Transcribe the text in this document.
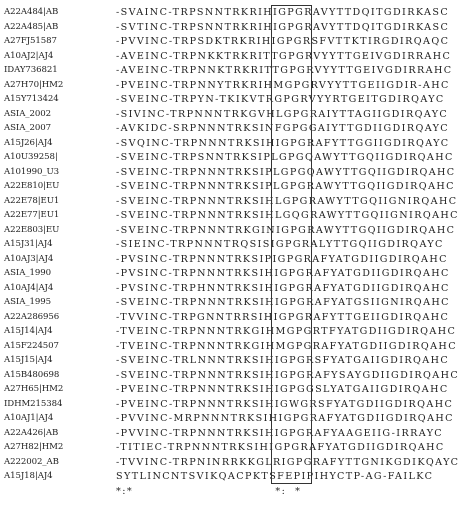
A22A484|AB	-SVAINC-TRPSNNTRKRIHIGPGRAVYTTDQITGDIRKASC
A22A485|AB	-SVTINC-TRPSNNTRKRIHIGPGRAVYTTDQITGDIRKASC
A27FJ51587	-PVVINC-TRPSDKTRKRIHIGPGRSFVTTKTIRGDIRQAQC
A10AJ2|AJ4	-AVEINC-TRPNKKTRKRITTGPGRVYYTTGEIVGDIRRAHC
IDAY736821	-AVEINC-TRPNNKTRKRITTGPGRVYYTTGEIVGDIRRAHC
A27H70|HM2	-PVEINC-TRPNNYTRKRIHMGPGRVYYTTGEIIGDIR-AHC
A15Y713424	-SVEINC-TRPYN-TKIKVTRGPGRVYYRTGEITGDIRQAYC
ASIA_2002	-SIVINC-TRPNNNTRKGVHLGPGRAIYTTAGIIGDIRQAYC
ASIA_2007	-AVKIDC-SRPNNNTRKSINFGPGGAIYTTGDIIGDIRQAYC
A15J26|AJ4	-SVQINC-TRPNNNTRKSIHIGPGRAFYTTGGIIGDIRQAYC
A10U39258|	-SVEINC-TRPSNNTRKSIPLGPGQAWYTTGQIIGDIRQAHC
A101990_U3	-SVEINC-TRPNNNTRKSIPLGPGQAWYTTGQIIGDIRQAHC
A22E810|EU	-SVEINC-TRPNNNTRKSIPLGPGRAWYTTGQIIGDIRQAHC
A22E78|EU1	-SVEINC-TRPNNNTRKSIHLGPGRAWYTTGQIIGNIRQAHC
A22E77|EU1	-SVEINC-TRPNNNTRKSIHLGQGRAWYTTGQIIGNIRQAHC
A22E803|EU	-SVEINC-TRPNNNTRKGINIGPGRAWYTTGQIIGDIRQAHC
A15J31|AJ4	-SIEINC-TRPNNNTRQSISIGPGRALYTTGQIIGDIRQAYC
A10AJ3|AJ4	-PVSINC-TRPNNNTRKSIPIGPGRAFYATGDIIGDIRQAHC
ASIA_1990	-PVSINC-TRPNNNTRKSIHIGPGRAFYATGDIIGDIRQAHC
A10AJ4|AJ4	-PVSINC-TRPHNNTRKSIHIGPGRAFYATGDIIGDIRQAHC
ASIA_1995	-SVEINC-TRPNNNTRKSIHIGPGRAFYATGSIIGNIRQAHC
A22A286956	-TVVINC-TRPGNNTRRSIHIGPGRAFYTTGEIIGDIRQAHC
A15J14|AJ4	-TVEINC-TRPNNNTRKGIHMGPGRTFYATGDIIGDIRQAHC
A15F224507	-TVEINC-TRPNNNTRKGIHMGPGRAFYATGDIIGDIRQAHC
A15J15|AJ4	-SVEINC-TRLNNNTRKSIHIGPGRSFYATGAIIGDIRQAHC
A15B480698	-SVEINC-TRPNNNTRKSIHIGPGRAFYSAYGDIIGDIRQAHC
A27H65|HM2	-PVEINC-TRPNNNTRKSIHIGPGGSLYATGAIIGDIRQAHC
IDHM215384	-PVEINC-TRPNNNTRKSIHIGWGRSFYATGDIIGDIRQAHC
A10AJ1|AJ4	-PVVINC-MRPNNNTRKSIHIGPGRAFYATGDIIGDIRQAHC
A22A426|AB	-PVVINC-TRPNNNTRKSIHIGPGRAFYAAGEIIG-IRRAYC
A27H82|HM2	-TITIEC-TRPNNNTRKSIHIGPGRAFYATGDIIGDIRQAHC
A222002_AB	-TVVINC-TRPNINRRKKGLRIGPGRAFYTTGNIKGDIKQAYC
A15J18|AJ4	SYTLINCNTSVIKQACPKTSFEPIPIHYCTP-AG-FAILKC
*:*                                *:  *
